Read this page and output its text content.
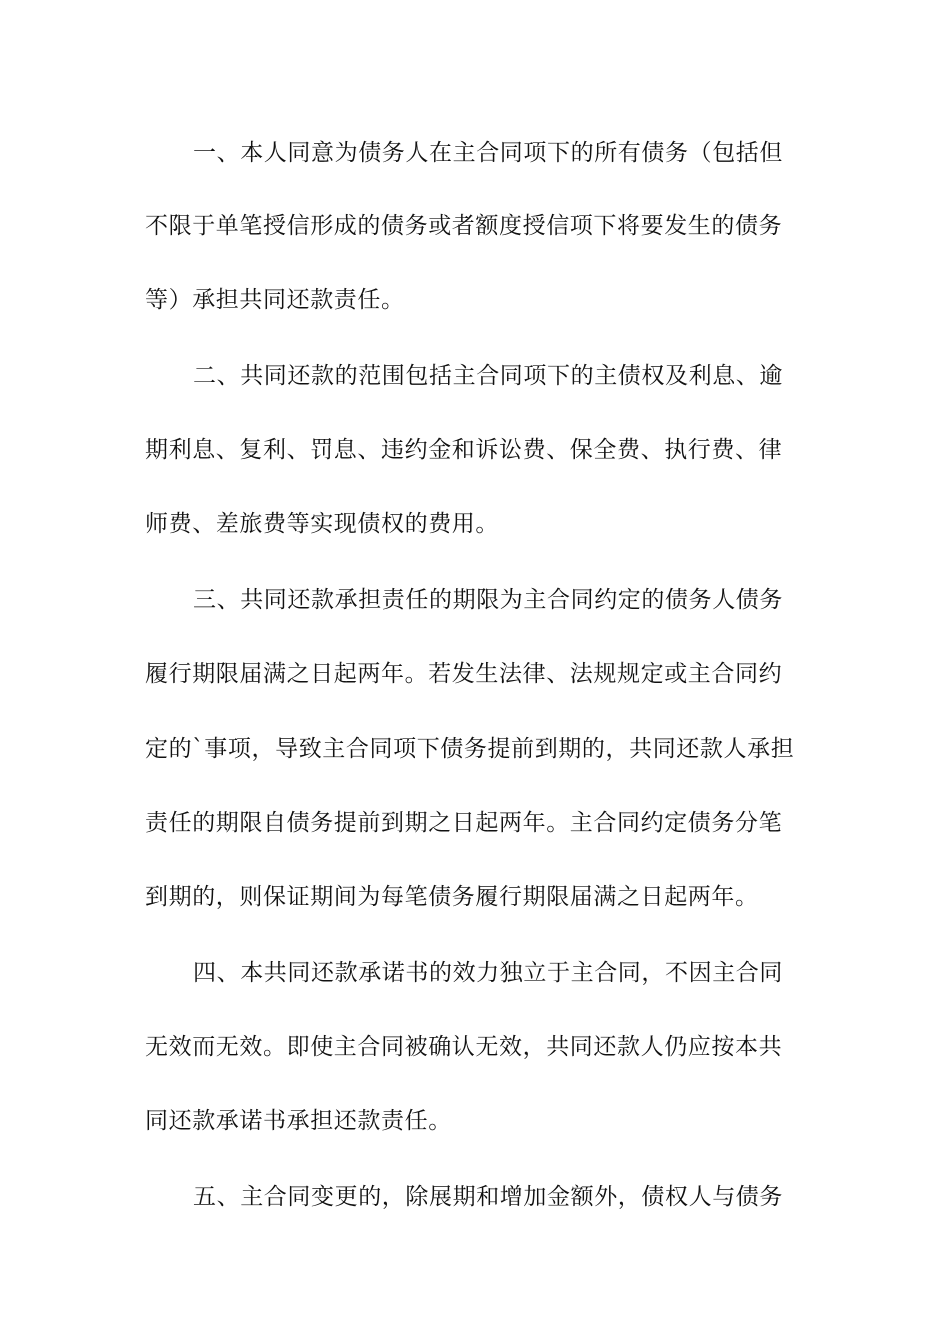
一、本人同意为债务人在主合同项下的所有债务（包括但
不限于单笔授信形成的债务或者额度授信项下将要发生的债务
等）承担共同还款责任。
二、共同还款的范围包括主合同项下的主债权及利息、逾
期利息、复利、罚息、违约金和诉讼费、保全费、执行费、律
师费、差旅费等实现债权的费用。
三、共同还款承担责任的期限为主合同约定的债务人债务
履行期限届满之日起两年。若发生法律、法规规定或主合同约
定的`事项，导致主合同项下债务提前到期的，共同还款人承担
责任的期限自债务提前到期之日起两年。主合同约定债务分笔
到期的，则保证期间为每笔债务履行期限届满之日起两年。
四、本共同还款承诺书的效力独立于主合同，不因主合同
无效而无效。即使主合同被确认无效，共同还款人仍应按本共
同还款承诺书承担还款责任。
五、主合同变更的，除展期和增加金额外，债权人与债务
